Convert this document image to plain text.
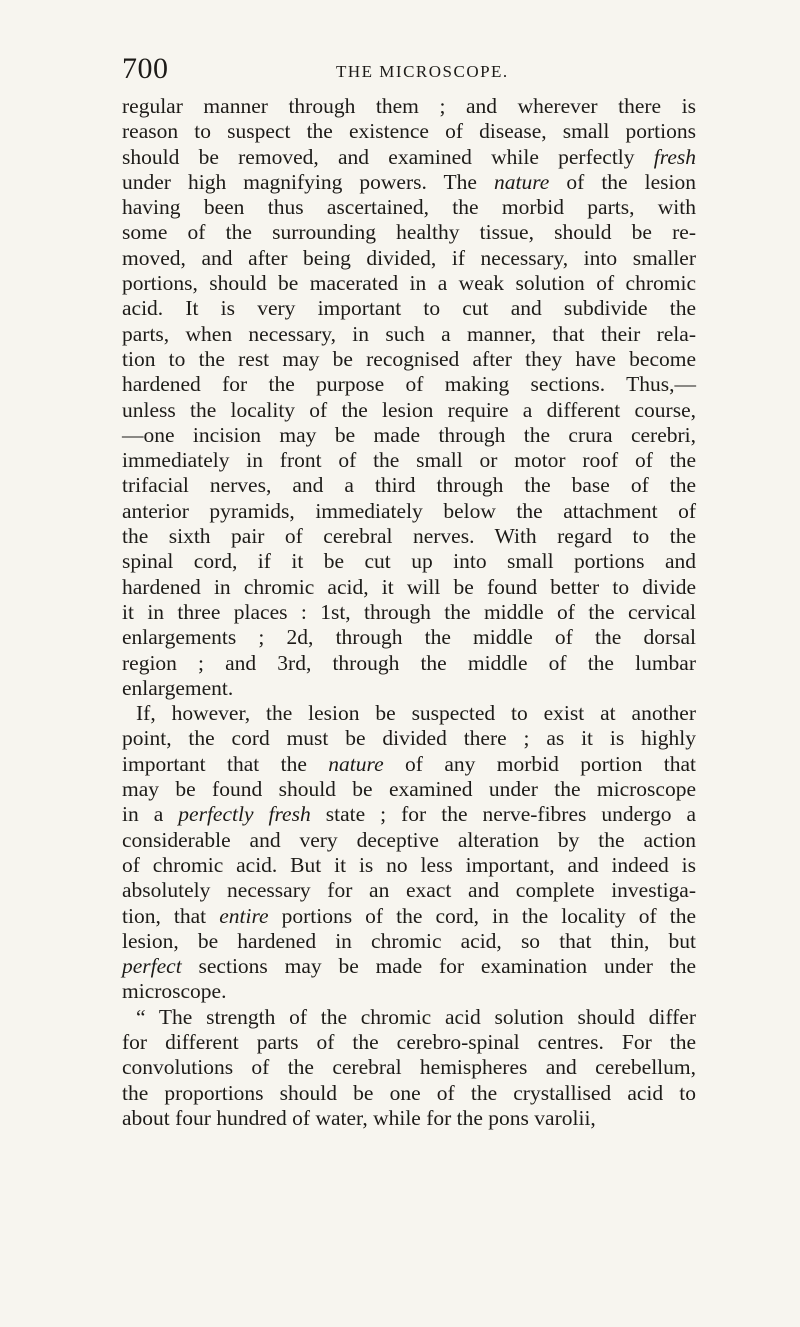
700	THE MICROSCOPE.
regular manner through them ; and wherever there is
reason to suspect the existence of disease, small portions
should be removed, and examined while perfectly fresh
under high magnifying powers. The nature of the lesion
having been thus ascertained, the morbid parts, with
some of the surrounding healthy tissue, should be re-
moved, and after being divided, if necessary, into smaller
portions, should be macerated in a weak solution of chromic
acid. It is very important to cut and subdivide the
parts, when necessary, in such a manner, that their rela-
tion to the rest may be recognised after they have become
hardened for the purpose of making sections. Thus,—
unless the locality of the lesion require a different course,
—one incision may be made through the crura cerebri,
immediately in front of the small or motor roof of the
trifacial nerves, and a third through the base of the
anterior pyramids, immediately below the attachment of
the sixth pair of cerebral nerves. With regard to the
spinal cord, if it be cut up into small portions and
hardened in chromic acid, it will be found better to divide
it in three places : 1st, through the middle of the cervical
enlargements ; 2d, through the middle of the dorsal
region ; and 3rd, through the middle of the lumbar
enlargement.
If, however, the lesion be suspected to exist at another
point, the cord must be divided there ; as it is highly
important that the nature of any morbid portion that
may be found should be examined under the microscope
in a perfectly fresh state ; for the nerve-fibres undergo a
considerable and very deceptive alteration by the action
of chromic acid. But it is no less important, and indeed is
absolutely necessary for an exact and complete investiga-
tion, that entire portions of the cord, in the locality of the
lesion, be hardened in chromic acid, so that thin, but
perfect sections may be made for examination under the
microscope.
“ The strength of the chromic acid solution should differ
for different parts of the cerebro-spinal centres. For the
convolutions of the cerebral hemispheres and cerebellum,
the proportions should be one of the crystallised acid to
about four hundred of water, while for the pons varolii,
